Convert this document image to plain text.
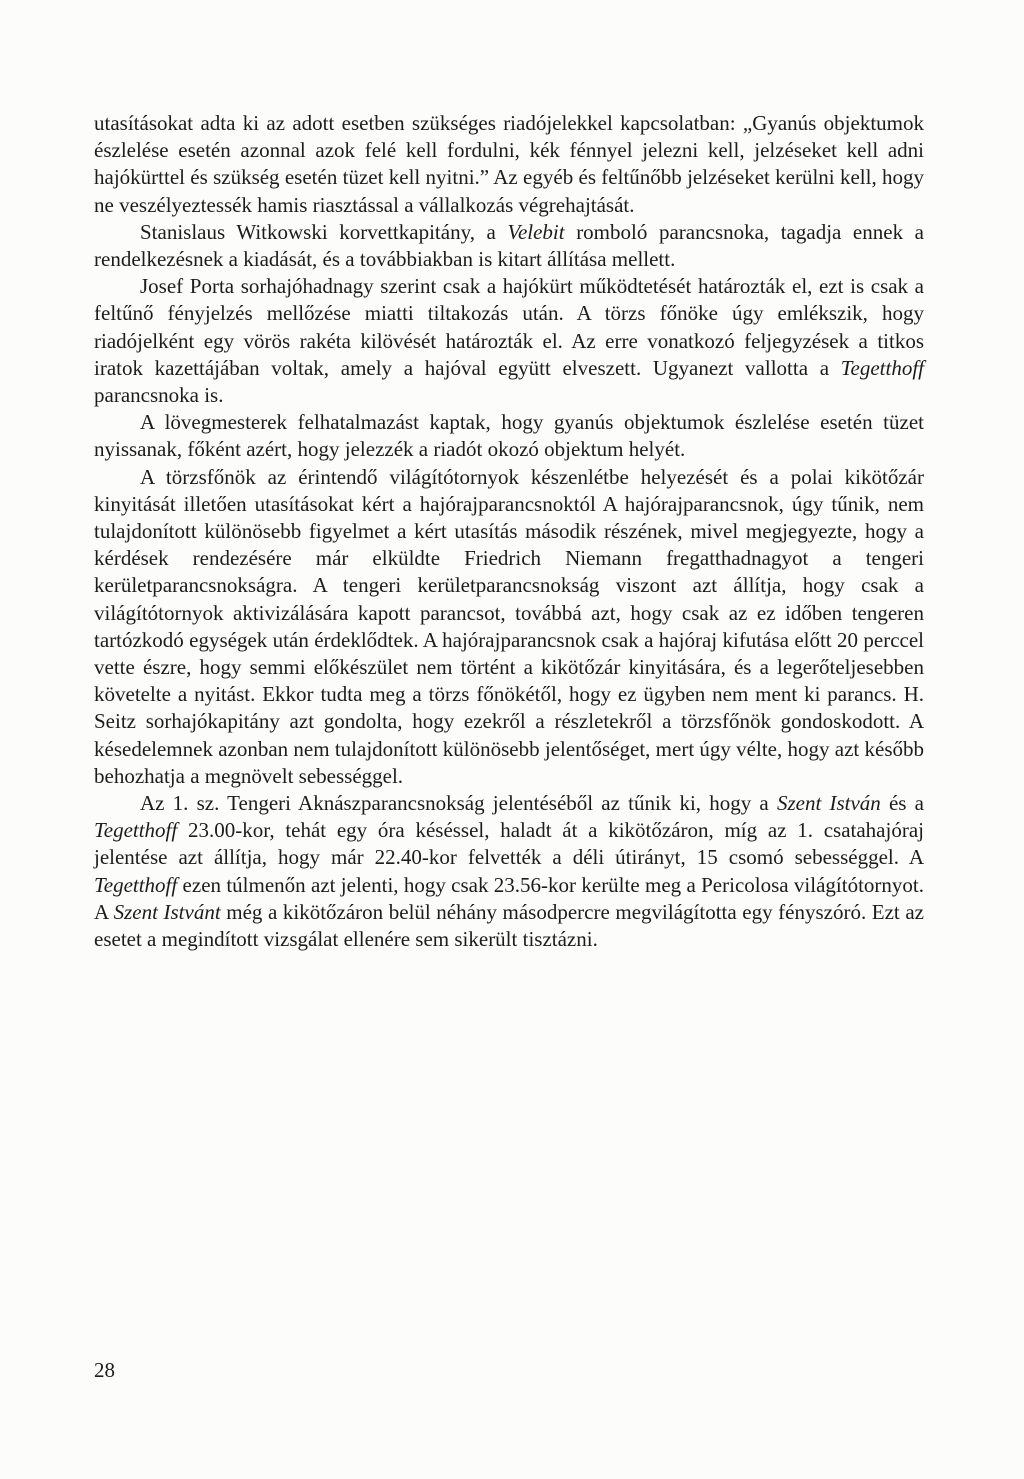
utasításokat adta ki az adott esetben szükséges riadójelekkel kapcsolatban: „Gyanús objektumok észlelése esetén azonnal azok felé kell fordulni, kék fénnyel jelezni kell, jelzéseket kell adni hajókürttel és szükség esetén tüzet kell nyitni.” Az egyéb és feltűnőbb jelzéseket kerülni kell, hogy ne veszélyeztessék hamis riasztással a vállalkozás végrehajtását.

Stanislaus Witkowski korvettkapitány, a Velebit romboló parancsnoka, tagadja ennek a rendelkezésnek a kiadását, és a továbbiakban is kitart állítása mellett.

Josef Porta sorhajóhadnagy szerint csak a hajókürt működtetését határozták el, ezt is csak a feltűnő fényjelzés mellőzése miatti tiltakozás után. A törzs főnöke úgy emlékszik, hogy riadójelként egy vörös rakéta kilövését határozták el. Az erre vonatkozó feljegyzések a titkos iratok kazettájában voltak, amely a hajóval együtt elveszett. Ugyanezt vallotta a Tegetthoff parancsnoka is.

A lövegmesterek felhatalmazást kaptak, hogy gyanús objektumok észlelése esetén tüzet nyissanak, főként azért, hogy jelezzék a riadót okozó objektum helyét.

A törzsfőnök az érintendő világítótornyok készenlétbe helyezését és a polai kikötőzár kinyitását illetően utasításokat kért a hajórajparancsnoktól A hajórajparancsnok, úgy tűnik, nem tulajdonított különösebb figyelmet a kért utasítás második részének, mivel megjegyezte, hogy a kérdések rendezésére már elküldte Friedrich Niemann fregatthadnagyot a tengeri kerületparancsnokságra. A tengeri kerületparancsnokság viszont azt állítja, hogy csak a világítótornyok aktivizálására kapott parancsot, továbbá azt, hogy csak az ez időben tengeren tartózkodó egységek után érdeklődtek. A hajórajparancsnok csak a hajóraj kifutása előtt 20 perccel vette észre, hogy semmi előkészület nem történt a kikötőzár kinyitására, és a legerőteljesebben követelte a nyitást. Ekkor tudta meg a törzs főnökétől, hogy ez ügyben nem ment ki parancs. H. Seitz sorhajókapitány azt gondolta, hogy ezekről a részletekről a törzsfőnök gondoskodott. A késedelemnek azonban nem tulajdonított különösebb jelentőséget, mert úgy vélte, hogy azt később behozhatja a megnövelt sebességgel.

Az 1. sz. Tengeri Aknászparancsnokság jelentéséből az tűnik ki, hogy a Szent István és a Tegetthoff 23.00-kor, tehát egy óra késéssel, haladt át a kikötőzáron, míg az 1. csatahajóraj jelentése azt állítja, hogy már 22.40-kor felvették a déli útirányt, 15 csomó sebességgel. A Tegetthoff ezen túlmenőn azt jelenti, hogy csak 23.56-kor kerülte meg a Pericolosa világítótornyot. A Szent Istvánt még a kikötőzáron belül néhány másodpercre megvilágította egy fényszóró. Ezt az esetet a megindított vizsgálat ellenére sem sikerült tisztázni.

28
